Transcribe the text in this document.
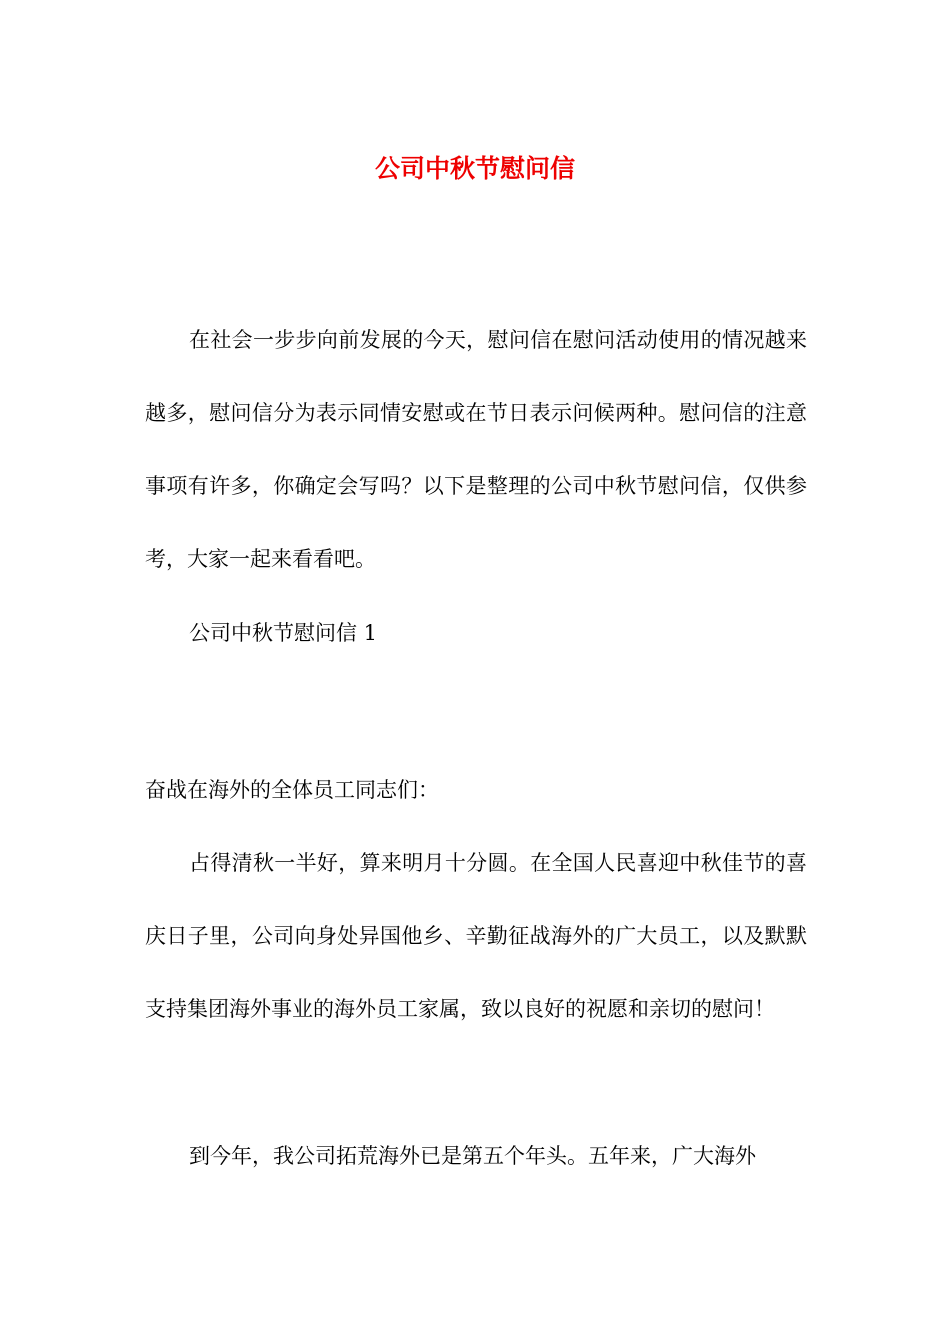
公司中秋节慰问信

在社会一步步向前发展的今天，慰问信在慰问活动使用的情况越来越多，慰问信分为表示同情安慰或在节日表示问候两种。慰问信的注意事项有许多，你确定会写吗？以下是整理的公司中秋节慰问信，仅供参考，大家一起来看看吧。

公司中秋节慰问信 1

奋战在海外的全体员工同志们：

占得清秋一半好，算来明月十分圆。在全国人民喜迎中秋佳节的喜庆日子里，公司向身处异国他乡、辛勤征战海外的广大员工，以及默默支持集团海外事业的海外员工家属，致以良好的祝愿和亲切的慰问！

到今年，我公司拓荒海外已是第五个年头。五年来，广大海外
